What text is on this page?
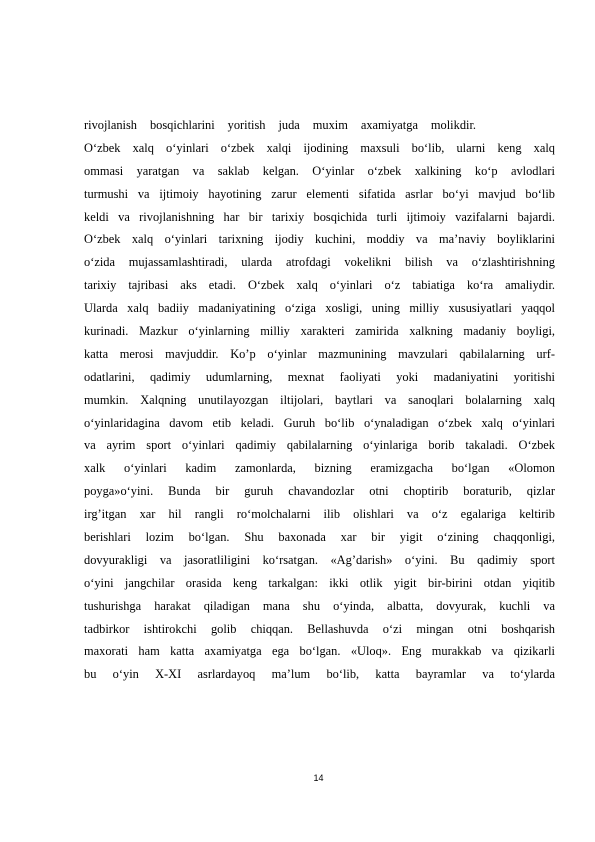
rivojlanish bosqichlarini yoritish juda muxim axamiyatga molikdir.
O‘zbek xalq o‘yinlari o‘zbek xalqi ijodining maxsuli bo‘lib, ularni keng xalq
ommasi yaratgan va saklab kelgan. O‘yinlar o‘zbek xalkining ko‘p avlodlari
turmushi va ijtimoiy hayotining zarur elementi sifatida asrlar bo‘yi mavjud bo‘lib
keldi va rivojlanishning har bir tarixiy bosqichida turli ijtimoiy vazifalarni bajardi.
O‘zbek xalq o‘yinlari tarixning ijodiy kuchini, moddiy va ma’naviy boyliklarini
o‘zida mujassamlashtiradi, ularda atrofdagi vokelikni bilish va o‘zlashtirishning
tarixiy tajribasi aks etadi. O‘zbek xalq o‘yinlari o‘z tabiatiga ko‘ra amaliydir.
Ularda xalq badiiy madaniyatining o‘ziga xosligi, uning milliy xususiyatlari yaqqol
kurinadi. Mazkur o‘yinlarning milliy xarakteri zamirida xalkning madaniy boyligi,
katta merosi mavjuddir. Ko’p o‘yinlar mazmunining mavzulari qabilalarning urf-
odatlarini, qadimiy udumlarning, mexnat faoliyati yoki madaniyatini yoritishi
mumkin. Xalqning unutilayozgan iltijolari, baytlari va sanoqlari bolalarning xalq
o‘yinlaridagina davom etib keladi. Guruh bo‘lib o‘ynaladigan o‘zbek xalq o‘yinlari
va ayrim sport o‘yinlari qadimiy qabilalarning o‘yinlariga borib takaladi. O‘zbek
xalk o‘yinlari kadim zamonlarda, bizning eramizgacha bo‘lgan «Olomon
poyga»o‘yini. Bunda bir guruh chavandozlar otni choptirib boraturib, qizlar
irg’itgan xar hil rangli ro‘molchalarni ilib olishlari va o‘z egalariga keltirib
berishlari lozim bo‘lgan. Shu baxonada xar bir yigit o‘zining chaqqonligi,
dovyurakligi va jasoratliligini ko‘rsatgan. «Ag’darish» o‘yini. Bu qadimiy sport
o‘yini jangchilar orasida keng tarkalgan: ikki otlik yigit bir-birini otdan yiqitib
tushurishga harakat qiladigan mana shu o‘yinda, albatta, dovyurak, kuchli va
tadbirkor ishtirokchi golib chiqqan. Bellashuvda o‘zi mingan otni boshqarish
maxorati ham katta axamiyatga ega bo‘lgan. «Uloq». Eng murakkab va qizikarli
bu o‘yin X-XI asrlardayoq ma’lum bo‘lib, katta bayramlar va to‘ylarda
14
